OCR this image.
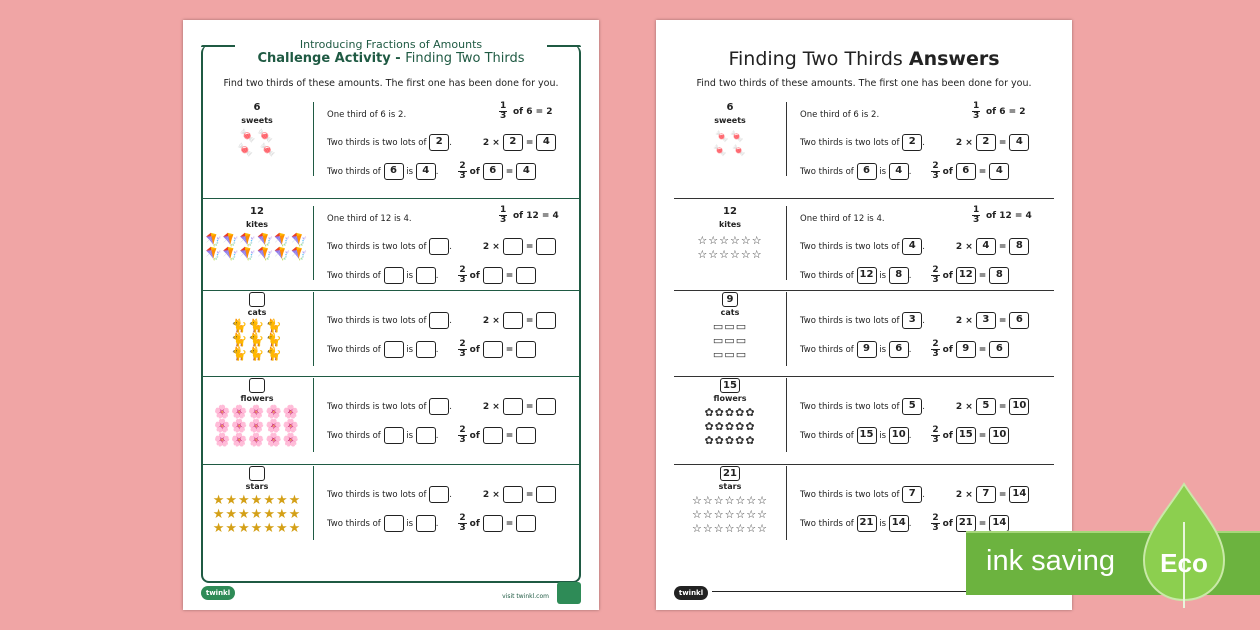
Introducing Fractions of Amounts
Challenge Activity - Finding Two Thirds
Find two thirds of these amounts. The first one has been done for you.
6
sweets
🍬🍬
🍬 🍬
One third of 6 is 2.	$\frac{1}{3}$ of 6 = 2
Two thirds is two lots of 2 .	2 × 2 = 4
Two thirds of 6 is 4 . $\frac{2}{3}$ of 6 = 4
12
kites
🪁🪁🪁🪁🪁🪁
🪁🪁🪁🪁🪁🪁
One third of 12 is 4.	$\frac{1}{3}$ of 12 = 4
Two thirds is two lots of	.	2 ×	=
Two thirds of	is	. $\frac{2}{3}$ of	=
cats
🐈🐈🐈
🐈🐈🐈
🐈🐈🐈
Two thirds is two lots of	.	2 ×	=
Two thirds of	is	. $\frac{2}{3}$ of	=
flowers
🌸🌸🌸🌸🌸
🌸🌸🌸🌸🌸
🌸🌸🌸🌸🌸
Two thirds is two lots of	.	2 ×	=
Two thirds of	is	. $\frac{2}{3}$ of	=
stars
★★★★★★★
★★★★★★★
★★★★★★★
Two thirds is two lots of	.	2 ×	=
Two thirds of	is	. $\frac{2}{3}$ of	=
twinkl	visit twinkl.com
Finding Two Thirds Answers
Find two thirds of these amounts. The first one has been done for you.
6
sweets
🍬🍬
🍬 🍬
One third of 6 is 2.	$\frac{1}{3}$ of 6 = 2
Two thirds is two lots of 2 .	2 × 2 = 4
Two thirds of 6 is 4 . $\frac{2}{3}$ of 6 = 4
12
kites
☆☆☆☆☆☆
☆☆☆☆☆☆
One third of 12 is 4.	$\frac{1}{3}$ of 12 = 4
Two thirds is two lots of 4 .	2 × 4 = 8
Two thirds of 12 is 8 . $\frac{2}{3}$ of 12 = 8
9
cats
▭▭▭
▭▭▭
▭▭▭
Two thirds is two lots of 3 .	2 × 3 = 6
Two thirds of 9 is 6 . $\frac{2}{3}$ of 9 = 6
15
flowers
✿✿✿✿✿
✿✿✿✿✿
✿✿✿✿✿
Two thirds is two lots of 5 .	2 × 5 = 10
Two thirds of 15 is 10 . $\frac{2}{3}$ of 15 = 10
21
stars
☆☆☆☆☆☆☆
☆☆☆☆☆☆☆
☆☆☆☆☆☆☆
Two thirds is two lots of 7 .	2 × 7 = 14
Two thirds of 21 is 14 . $\frac{2}{3}$ of 21 = 14
twinkl
ink saving Eco
